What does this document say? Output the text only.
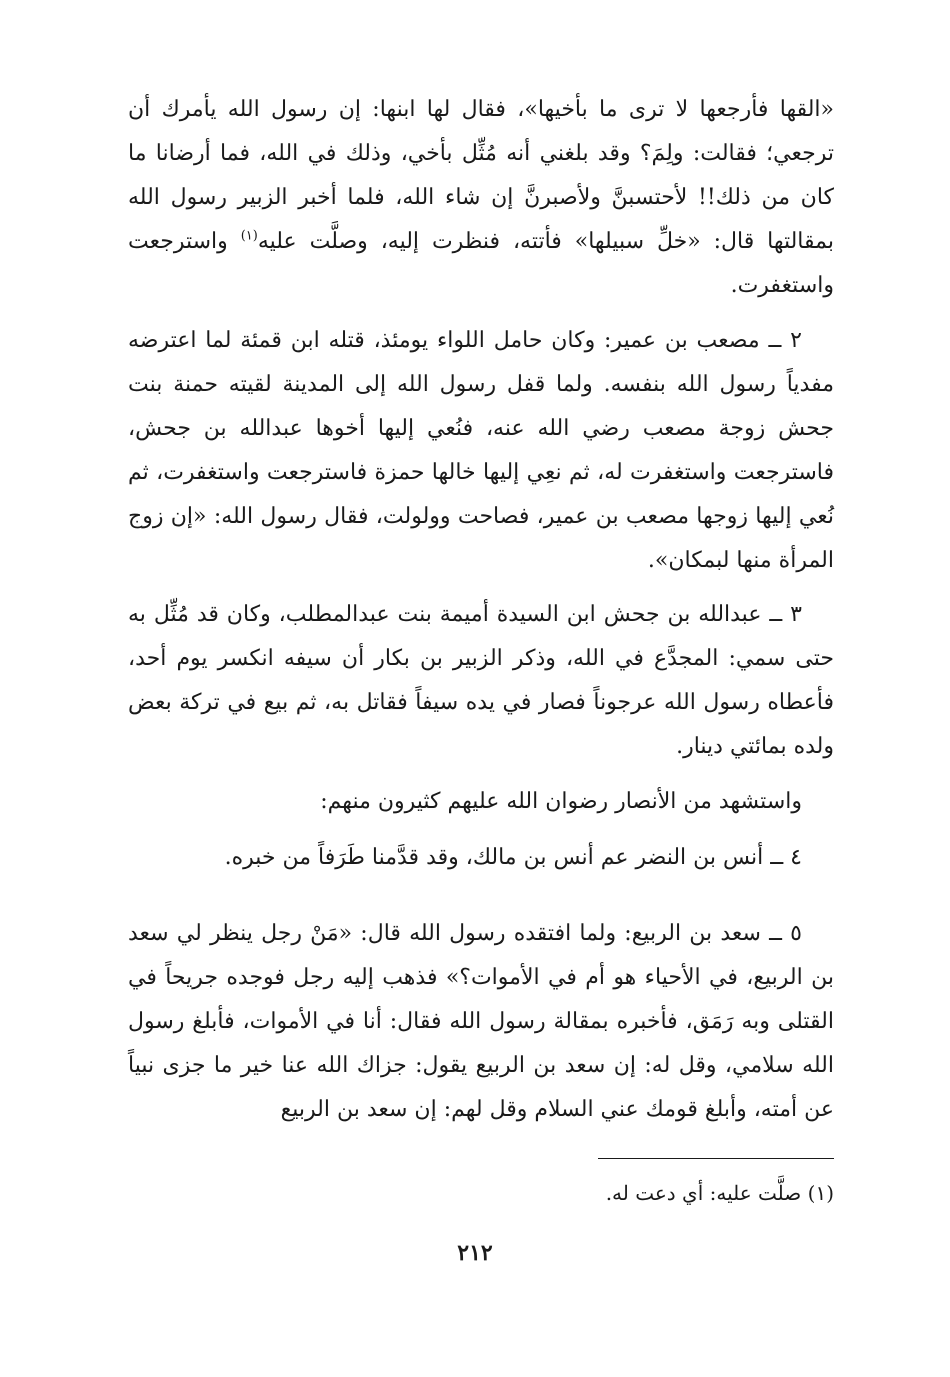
«القها فأرجعها لا ترى ما بأخيها»، فقال لها ابنها: إن رسول الله يأمرك أن ترجعي؛ فقالت: ولِمَ؟ وقد بلغني أنه مُثِّل بأخي، وذلك في الله، فما أرضانا ما كان من ذلك!! لأحتسبنَّ ولأصبرنَّ إن شاء الله، فلما أخبر الزبير رسول الله بمقالتها قال: «خلِّ سبيلها» فأتته، فنظرت إليه، وصلَّت عليه$^{(١)}$ واسترجعت واستغفرت.

٢ ــ مصعب بن عمير: وكان حامل اللواء يومئذ، قتله ابن قمئة لما اعترضه مفدياً رسول الله بنفسه. ولما قفل رسول الله إلى المدينة لقيته حمنة بنت جحش زوجة مصعب رضي الله عنه، فنُعي إليها أخوها عبدالله بن جحش، فاسترجعت واستغفرت له، ثم نعِي إليها خالها حمزة فاسترجعت واستغفرت، ثم نُعي إليها زوجها مصعب بن عمير، فصاحت وولولت، فقال رسول الله: «إن زوج المرأة منها لبمكان».

٣ ــ عبدالله بن جحش ابن السيدة أميمة بنت عبدالمطلب، وكان قد مُثِّل به حتى سمي: المجدَّع في الله، وذكر الزبير بن بكار أن سيفه انكسر يوم أحد، فأعطاه رسول الله عرجوناً فصار في يده سيفاً فقاتل به، ثم بيع في تركة بعض ولده بمائتي دينار.

واستشهد من الأنصار رضوان الله عليهم كثيرون منهم:

٤ ــ أنس بن النضر عم أنس بن مالك، وقد قدَّمنا طَرَفاً من خبره.

٥ ــ سعد بن الربيع: ولما افتقده رسول الله قال: «مَنْ رجل ينظر لي سعد بن الربيع، في الأحياء هو أم في الأموات؟» فذهب إليه رجل فوجده جريحاً في القتلى وبه رَمَق، فأخبره بمقالة رسول الله فقال: أنا في الأموات، فأبلغ رسول الله سلامي، وقل له: إن سعد بن الربيع يقول: جزاك الله عنا خير ما جزى نبياً عن أمته، وأبلغ قومك عني السلام وقل لهم: إن سعد بن الربيع

(١) صلَّت عليه: أي دعت له.
٢١٢
